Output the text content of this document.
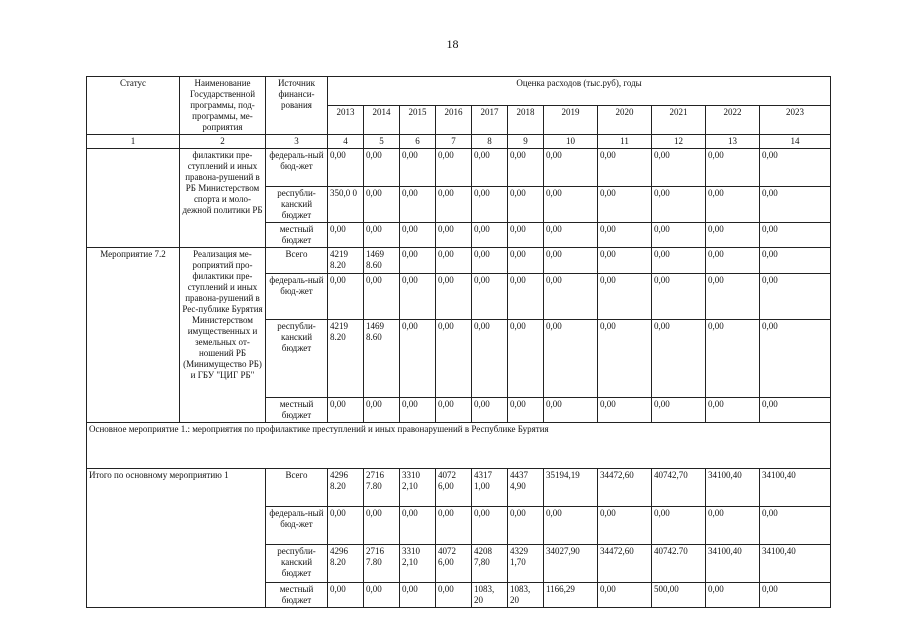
18
Статус	Наименование Государственной программы, под-программы, ме-роприятия	Источник финанси-рования	Оценка расходов (тыс.руб), годы										
			2013	2014	2015	2016	2017	2018	2019	2020	2021	2022	2023
1	2	3	4	5	6	7	8	9	10	11	12	13	14
	филактики пре-ступлений и иных правона-рушений в РБ Министерством спорта и моло-дежной политики РБ	федераль-ный бюд-жет	0,00	0,00	0,00	0,00	0,00	0,00	0,00	0,00	0,00	0,00	0,00
		республи-канский бюджет	350,0 0	0,00	0,00	0,00	0,00	0,00	0,00	0,00	0,00	0,00	0,00
		местный бюджет	0,00	0,00	0,00	0,00	0,00	0,00	0,00	0,00	0,00	0,00	0,00
Мероприятие 7.2	Реализация ме-роприятий про-филактики пре-ступлений и иных правона-рушений в Рес-публике Бурятия Министерством имущественных и земельных от-ношений РБ (Минимущество РБ) и ГБУ "ЦИГ РБ"	Всего	4219 8.20	1469 8.60	0,00	0,00	0,00	0,00	0,00	0,00	0,00	0,00	0,00
		федераль-ный бюд-жет	0,00	0,00	0,00	0,00	0,00	0,00	0,00	0,00	0,00	0,00	0,00
		республи-канский бюджет	4219 8.20	1469 8.60	0,00	0,00	0,00	0,00	0,00	0,00	0,00	0,00	0,00
		местный бюджет	0,00	0,00	0,00	0,00	0,00	0,00	0,00	0,00	0,00	0,00	0,00
Основное мероприятие 1.: мероприятия по профилактике преступлений и иных правонарушений в Республике Бурятия													
Итого по основному мероприятию 1		Всего	4296 8.20	2716 7.80	3310 2,10	4072 6,00	4317 1,00	4437 4,90	35194,19	34472,60	40742,70	34100,40	34100,40
		федераль-ный бюд-жет	0,00	0,00	0,00	0,00	0,00	0,00	0,00	0,00	0,00	0,00	0,00
		республи-канский бюджет	4296 8.20	2716 7.80	3310 2,10	4072 6,00	4208 7,80	4329 1,70	34027,90	34472,60	40742.70	34100,40	34100,40
		местный бюджет	0,00	0,00	0,00	0,00	1083, 20	1083, 20	1166,29	0,00	500,00	0,00	0,00
